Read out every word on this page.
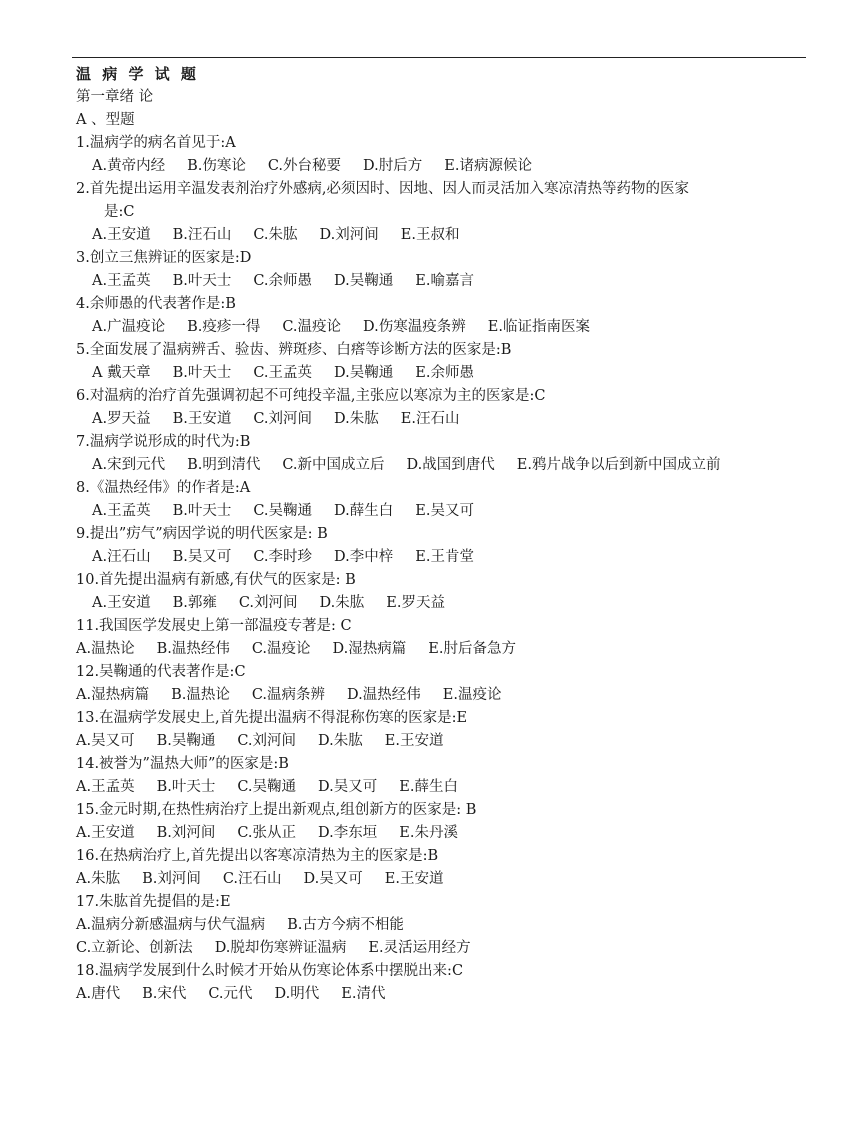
温 病 学 试 题
第一章绪 论
A 、型题
1.温病学的病名首见于:A
A.黄帝内经 B.伤寒论 C.外台秘要 D.肘后方 E.诸病源候论
2.首先提出运用辛温发表剂治疗外感病,必须因时、因地、因人而灵活加入寒凉清热等药物的医家
是:C
A.王安道 B.汪石山 C.朱肱 D.刘河间 E.王叔和
3.创立三焦辨证的医家是:D
A.王孟英 B.叶天士 C.余师愚 D.吴鞠通 E.喻嘉言
4.余师愚的代表著作是:B
A.广温疫论 B.疫疹一得 C.温疫论 D.伤寒温疫条辨 E.临证指南医案
5.全面发展了温病辨舌、验齿、辨斑疹、白瘩等诊断方法的医家是:B
A 戴天章 B.叶天士 C.王孟英 D.吴鞠通 E.余师愚
6.对温病的治疗首先强调初起不可纯投辛温,主张应以寒凉为主的医家是:C
A.罗天益 B.王安道 C.刘河间 D.朱肱 E.汪石山
7.温病学说形成的时代为:B
A.宋到元代 B.明到清代 C.新中国成立后 D.战国到唐代 E.鸦片战争以后到新中国成立前
8.《温热经伟》的作者是:A
A.王孟英 B.叶天士 C.吴鞠通 D.薛生白 E.吴又可
9.提出”疠气”病因学说的明代医家是: B
A.汪石山 B.吴又可 C.李时珍 D.李中梓 E.王肯堂
10.首先提出温病有新感,有伏气的医家是: B
A.王安道 B.郭雍 C.刘河间 D.朱肱 E.罗天益
11.我国医学发展史上第一部温疫专著是: C
A.温热论 B.温热经伟 C.温疫论 D.湿热病篇 E.肘后备急方
12.吴鞠通的代表著作是:C
A.湿热病篇 B.温热论 C.温病条辨 D.温热经伟 E.温疫论
13.在温病学发展史上,首先提出温病不得混称伤寒的医家是:E
A.吴又可 B.吴鞠通 C.刘河间 D.朱肱 E.王安道
14.被誉为”温热大师”的医家是:B
A.王孟英 B.叶天士 C.吴鞠通 D.吴又可 E.薛生白
15.金元时期,在热性病治疗上提出新观点,组创新方的医家是: B
A.王安道 B.刘河间 C.张从正 D.李东垣 E.朱丹溪
16.在热病治疗上,首先提出以客寒凉清热为主的医家是:B
A.朱肱 B.刘河间 C.汪石山 D.吴又可 E.王安道
17.朱肱首先提倡的是:E
A.温病分新感温病与伏气温病 B.古方今病不相能
C.立新论、创新法 D.脱却伤寒辨证温病 E.灵活运用经方
18.温病学发展到什么时候才开始从伤寒论体系中摆脱出来:C
A.唐代 B.宋代 C.元代 D.明代 E.清代
